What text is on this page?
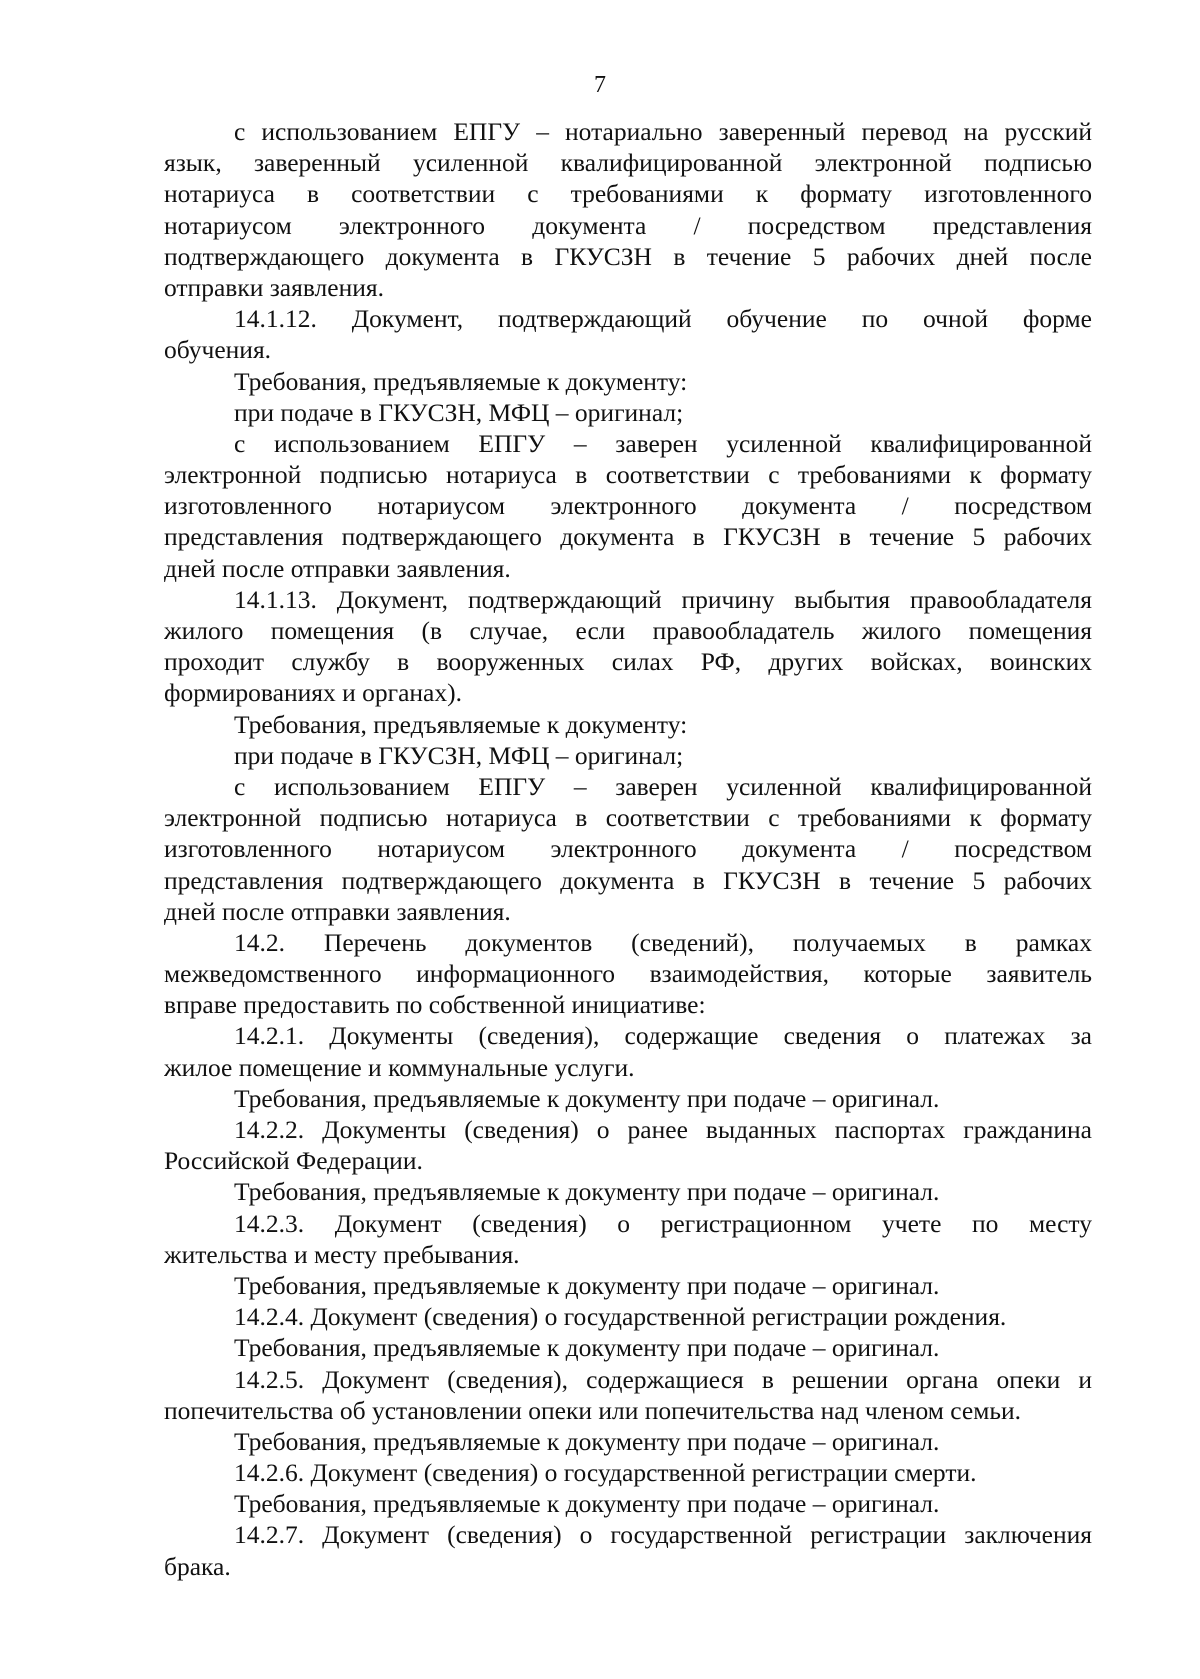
7
с использованием ЕПГУ – нотариально заверенный перевод на русский
язык, заверенный усиленной квалифицированной электронной подписью
нотариуса в соответствии с требованиями к формату изготовленного
нотариусом электронного документа / посредством представления
подтверждающего документа в ГКУСЗН в течение 5 рабочих дней после
отправки заявления.
14.1.12. Документ, подтверждающий обучение по очной форме
обучения.
Требования, предъявляемые к документу:
при подаче в ГКУСЗН, МФЦ – оригинал;
с использованием ЕПГУ – заверен усиленной квалифицированной
электронной подписью нотариуса в соответствии с требованиями к формату
изготовленного нотариусом электронного документа / посредством
представления подтверждающего документа в ГКУСЗН в течение 5 рабочих
дней после отправки заявления.
14.1.13. Документ, подтверждающий причину выбытия правообладателя
жилого помещения (в случае, если правообладатель жилого помещения
проходит службу в вооруженных силах РФ, других войсках, воинских
формированиях и органах).
Требования, предъявляемые к документу:
при подаче в ГКУСЗН, МФЦ – оригинал;
с использованием ЕПГУ – заверен усиленной квалифицированной
электронной подписью нотариуса в соответствии с требованиями к формату
изготовленного нотариусом электронного документа / посредством
представления подтверждающего документа в ГКУСЗН в течение 5 рабочих
дней после отправки заявления.
14.2. Перечень документов (сведений), получаемых в рамках
межведомственного информационного взаимодействия, которые заявитель
вправе предоставить по собственной инициативе:
14.2.1. Документы (сведения), содержащие сведения о платежах за
жилое помещение и коммунальные услуги.
Требования, предъявляемые к документу при подаче – оригинал.
14.2.2. Документы (сведения) о ранее выданных паспортах гражданина
Российской Федерации.
Требования, предъявляемые к документу при подаче – оригинал.
14.2.3. Документ (сведения) о регистрационном учете по месту
жительства и месту пребывания.
Требования, предъявляемые к документу при подаче – оригинал.
14.2.4. Документ (сведения) о государственной регистрации рождения.
Требования, предъявляемые к документу при подаче – оригинал.
14.2.5. Документ (сведения), содержащиеся в решении органа опеки и
попечительства об установлении опеки или попечительства над членом семьи.
Требования, предъявляемые к документу при подаче – оригинал.
14.2.6. Документ (сведения) о государственной регистрации смерти.
Требования, предъявляемые к документу при подаче – оригинал.
14.2.7. Документ (сведения) о государственной регистрации заключения
брака.
